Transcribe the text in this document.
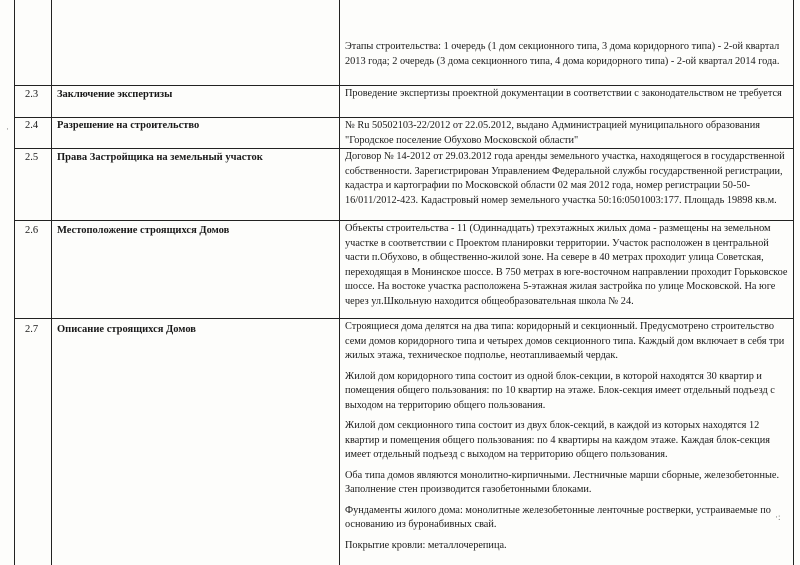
Этапы строительства: 1 очередь (1 дом секционного типа, 3 дома коридорного типа) - 2-ой квартал 2013 года; 2 очередь (3 дома секционного типа, 4 дома коридорного типа) - 2-ой квартал 2014 года.

2.3 Заключение экспертизы	Проведение экспертизы проектной документации в соответствии с законодательством не требуется

2.4 Разрешение на строительство	№ Ru 50502103-22/2012 от 22.05.2012, выдано Администрацией муниципального образования "Городское поселение Обухово Московской области"

2.5 Права Застройщика на земельный участок	Договор № 14-2012 от 29.03.2012 года аренды земельного участка, находящегося в государственной собственности. Зарегистрирован Управлением Федеральной службы государственной регистрации, кадастра и картографии по Московской области 02 мая 2012 года, номер регистрации 50-50-16/011/2012-423. Кадастровый номер земельного участка 50:16:0501003:177. Площадь 19898 кв.м.

2.6 Местоположение строящихся Домов	Объекты строительства - 11 (Одиннадцать) трехэтажных жилых дома - размещены на земельном участке в соответствии с Проектом планировки территории. Участок расположен в центральной части п.Обухово, в общественно-жилой зоне. На севере в 40 метрах проходит улица Советская, переходящая в Монинское шоссе. В 750 метрах в юге-восточном направлении проходит Горьковское шоссе. На востоке участка расположена 5-этажная жилая застройка по улице Московской. На юге через ул.Школьную находится общеобразовательная школа № 24.

2.7 Описание строящихся Домов	Строящиеся дома делятся на два типа: коридорный и секционный. Предусмотрено строительство семи домов коридорного типа и четырех домов секционного типа. Каждый дом включает в себя три жилых этажа, техническое подполье, неотапливаемый чердак.

Жилой дом коридорного типа состоит из одной блок-секции, в которой находятся 30 квартир и помещения общего пользования: по 10 квартир на этаже. Блок-секция имеет отдельный подъезд с выходом на территорию общего пользования.

Жилой дом секционного типа состоит из двух блок-секций, в каждой из которых находятся 12 квартир и помещения общего пользования: по 4 квартиры на каждом этаже. Каждая блок-секция имеет отдельный подъезд с выходом на территорию общего пользования.

Оба типа домов являются монолитно-кирпичными. Лестничные марши сборные, железобетонные. Заполнение стен производится газобетонными блоками.

Фундаменты жилого дома: монолитные железобетонные ленточные ростверки, устраиваемые по основанию из буронабивных свай.

Покрытие кровли: металлочерепица.

·
·:
